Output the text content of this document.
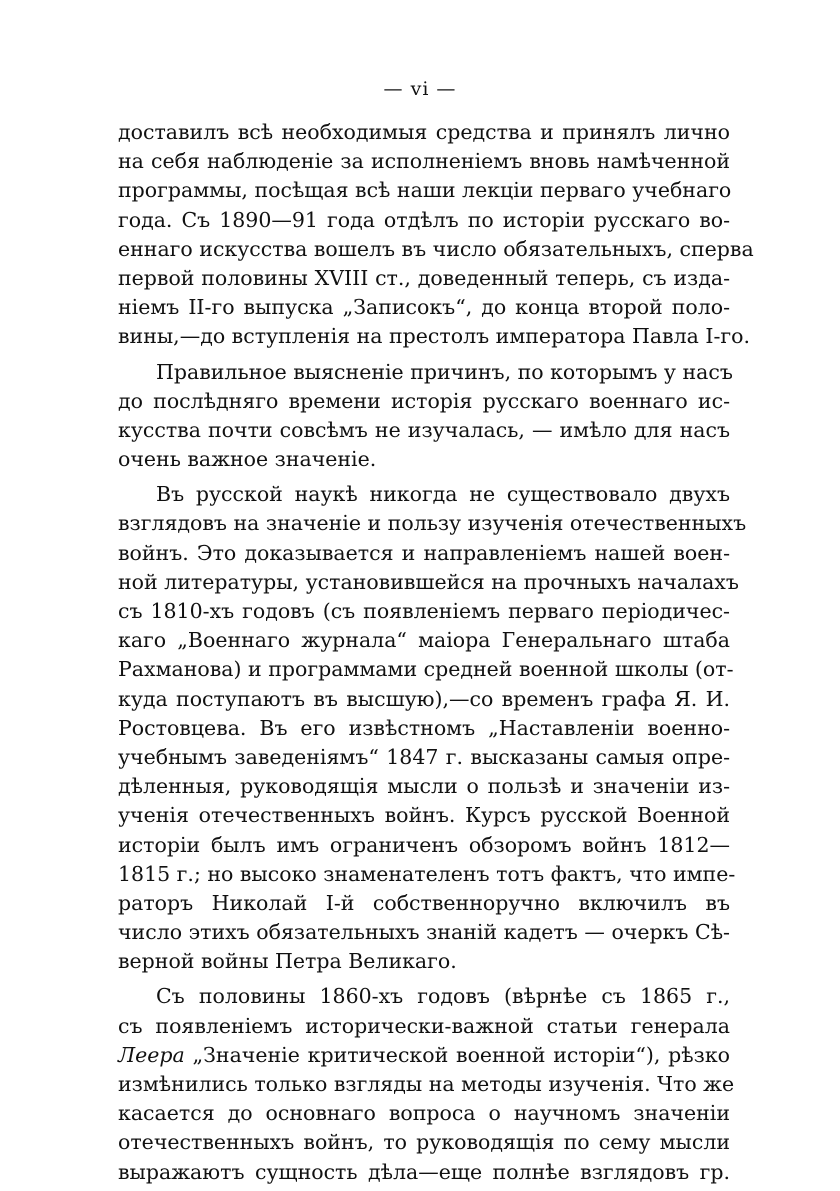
— vi —
доставилъ всѣ необходимыя средства и принялъ лично
на себя наблюденіе за исполненіемъ вновь намѣченной
программы, посѣщая всѣ наши лекціи перваго учебнаго
года. Съ 1890—91 года отдѣлъ по исторіи русскаго во-
еннаго искусства вошелъ въ число обязательныхъ, сперва
первой половины XVIII ст., доведенный теперь, съ изда-
ніемъ II-го выпуска „Записокъ“, до конца второй поло-
вины,—до вступленія на престолъ императора Павла I-го.
Правильное выясненіе причинъ, по которымъ у насъ
до послѣдняго времени исторія русскаго военнаго ис-
кусства почти совсѣмъ не изучалась, — имѣло для насъ
очень важное значеніе.
Въ русской наукѣ никогда не существовало двухъ
взглядовъ на значеніе и пользу изученія отечественныхъ
войнъ. Это доказывается и направленіемъ нашей воен-
ной литературы, установившейся на прочныхъ началахъ
съ 1810-хъ годовъ (съ появленіемъ перваго періодичес-
каго „Военнаго журнала“ маіора Генеральнаго штаба
Рахманова) и программами средней военной школы (от-
куда поступаютъ въ высшую),—со временъ графа Я. И.
Ростовцева. Въ его извѣстномъ „Наставленіи военно-
учебнымъ заведеніямъ“ 1847 г. высказаны самыя опре-
дѣленныя, руководящія мысли о пользѣ и значеніи из-
ученія отечественныхъ войнъ. Курсъ русской Военной
исторіи былъ имъ ограниченъ обзоромъ войнъ 1812—
1815 г.; но высоко знаменателенъ тотъ фактъ, что импе-
раторъ Николай I-й собственноручно включилъ въ
число этихъ обязательныхъ знаній кадетъ — очеркъ Сѣ-
верной войны Петра Великаго.
Съ половины 1860-хъ годовъ (вѣрнѣе съ 1865 г.,
съ появленіемъ исторически-важной статьи генерала
Леера „Значеніе критической военной исторіи“), рѣзко
измѣнились только взгляды на методы изученія. Что же
касается до основнаго вопроса о научномъ значеніи
отечественныхъ войнъ, то руководящія по сему мысли
выражаютъ сущность дѣла—еще полнѣе взглядовъ гр.
